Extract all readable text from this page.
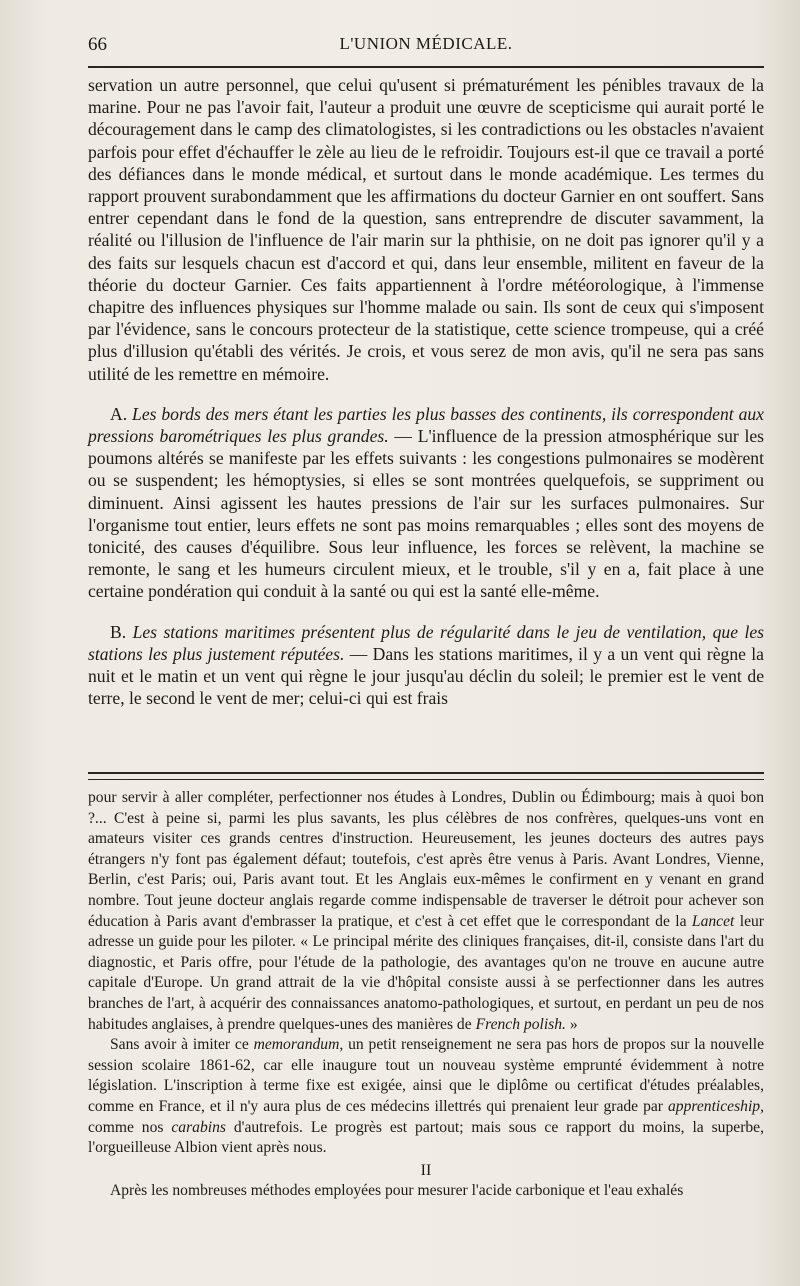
66	L'UNION MÉDICALE.

servation un autre personnel, que celui qu'usent si prématurément les pénibles travaux de la marine. Pour ne pas l'avoir fait, l'auteur a produit une œuvre de scepticisme qui aurait porté le découragement dans le camp des climatologistes, si les contradictions ou les obstacles n'avaient parfois pour effet d'échauffer le zèle au lieu de le refroidir. Toujours est-il que ce travail a porté des défiances dans le monde médical, et surtout dans le monde académique. Les termes du rapport prouvent surabondamment que les affirmations du docteur Garnier en ont souffert. Sans entrer cependant dans le fond de la question, sans entreprendre de discuter savamment, la réalité ou l'illusion de l'influence de l'air marin sur la phthisie, on ne doit pas ignorer qu'il y a des faits sur lesquels chacun est d'accord et qui, dans leur ensemble, militent en faveur de la théorie du docteur Garnier. Ces faits appartiennent à l'ordre météorologique, à l'immense chapitre des influences physiques sur l'homme malade ou sain. Ils sont de ceux qui s'imposent par l'évidence, sans le concours protecteur de la statistique, cette science trompeuse, qui a créé plus d'illusion qu'établi des vérités. Je crois, et vous serez de mon avis, qu'il ne sera pas sans utilité de les remettre en mémoire.

A. Les bords des mers étant les parties les plus basses des continents, ils correspondent aux pressions barométriques les plus grandes. — L'influence de la pression atmosphérique sur les poumons altérés se manifeste par les effets suivants : les congestions pulmonaires se modèrent ou se suspendent; les hémoptysies, si elles se sont montrées quelquefois, se suppriment ou diminuent. Ainsi agissent les hautes pressions de l'air sur les surfaces pulmonaires. Sur l'organisme tout entier, leurs effets ne sont pas moins remarquables ; elles sont des moyens de tonicité, des causes d'équilibre. Sous leur influence, les forces se relèvent, la machine se remonte, le sang et les humeurs circulent mieux, et le trouble, s'il y en a, fait place à une certaine pondération qui conduit à la santé ou qui est la santé elle-même.

B. Les stations maritimes présentent plus de régularité dans le jeu de ventilation, que les stations les plus justement réputées. — Dans les stations maritimes, il y a un vent qui règne la nuit et le matin et un vent qui règne le jour jusqu'au déclin du soleil; le premier est le vent de terre, le second le vent de mer; celui-ci qui est frais

pour servir à aller compléter, perfectionner nos études à Londres, Dublin ou Édimbourg; mais à quoi bon ?... C'est à peine si, parmi les plus savants, les plus célèbres de nos confrères, quelques-uns vont en amateurs visiter ces grands centres d'instruction. Heureusement, les jeunes docteurs des autres pays étrangers n'y font pas également défaut; toutefois, c'est après être venus à Paris. Avant Londres, Vienne, Berlin, c'est Paris; oui, Paris avant tout. Et les Anglais eux-mêmes le confirment en y venant en grand nombre. Tout jeune docteur anglais regarde comme indispensable de traverser le détroit pour achever son éducation à Paris avant d'embrasser la pratique, et c'est à cet effet que le correspondant de la Lancet leur adresse un guide pour les piloter. « Le principal mérite des cliniques françaises, dit-il, consiste dans l'art du diagnostic, et Paris offre, pour l'étude de la pathologie, des avantages qu'on ne trouve en aucune autre capitale d'Europe. Un grand attrait de la vie d'hôpital consiste aussi à se perfectionner dans les autres branches de l'art, à acquérir des connaissances anatomo-pathologiques, et surtout, en perdant un peu de nos habitudes anglaises, à prendre quelques-unes des manières de French polish. »

Sans avoir à imiter ce memorandum, un petit renseignement ne sera pas hors de propos sur la nouvelle session scolaire 1861-62, car elle inaugure tout un nouveau système emprunté évidemment à notre législation. L'inscription à terme fixe est exigée, ainsi que le diplôme ou certificat d'études préalables, comme en France, et il n'y aura plus de ces médecins illettrés qui prenaient leur grade par apprenticeship, comme nos carabins d'autrefois. Le progrès est partout; mais sous ce rapport du moins, la superbe, l'orgueilleuse Albion vient après nous.

II

Après les nombreuses méthodes employées pour mesurer l'acide carbonique et l'eau exhalés
